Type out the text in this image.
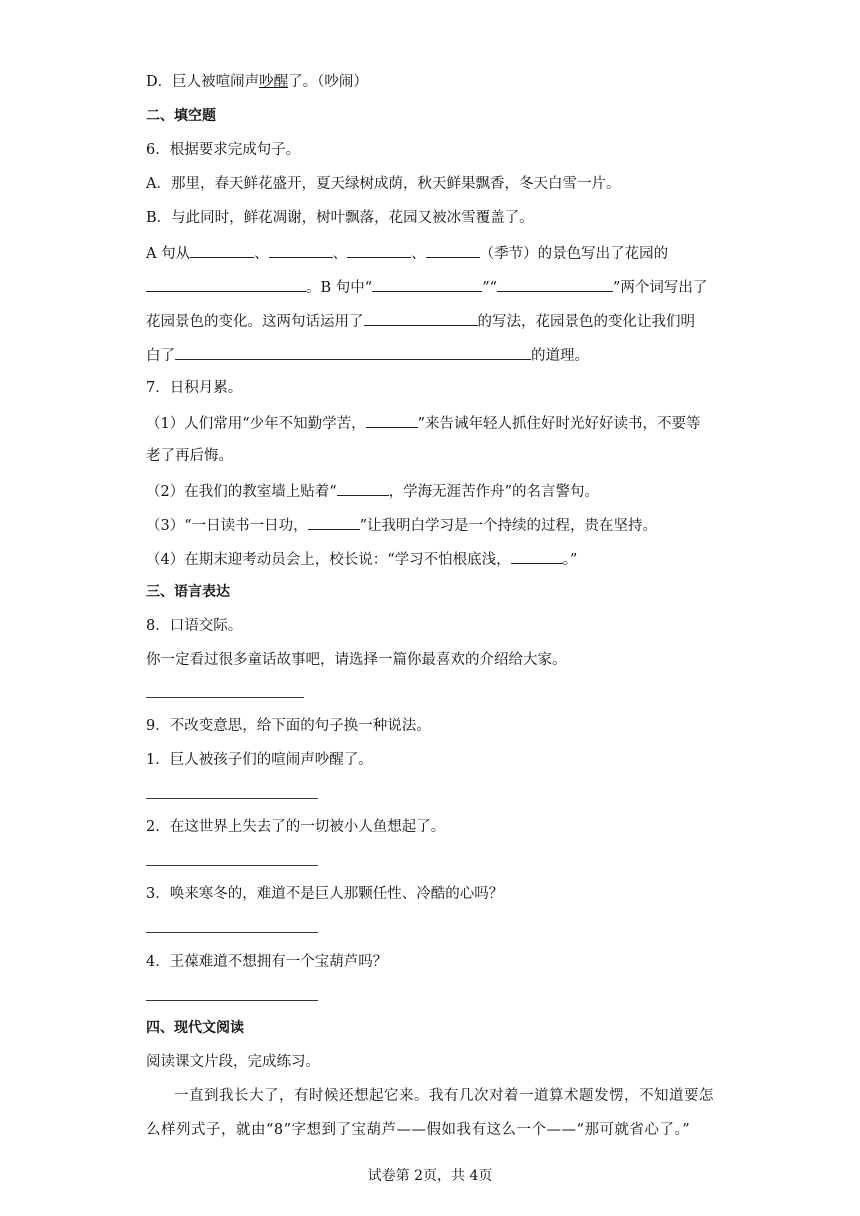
D．巨人被喧闹声吵醒了。（吵闹）
二、填空题
6．根据要求完成句子。
A．那里，春天鲜花盛开，夏天绿树成荫，秋天鲜果飘香，冬天白雪一片。
B．与此同时，鲜花凋谢，树叶飘落，花园又被冰雪覆盖了。
A 句从	、	、	、	（季节）的景色写出了花园的
。B 句中“	”“	”两个词写出了
花园景色的变化。这两句话运用了	的写法，花园景色的变化让我们明
白了	的道理。
7．日积月累。
（1）人们常用“少年不知勤学苦，	”来告诫年轻人抓住好时光好好读书，不要等
老了再后悔。
（2）在我们的教室墙上贴着“	，学海无涯苦作舟”的名言警句。
（3）“一日读书一日功，	”让我明白学习是一个持续的过程，贵在坚持。
（4）在期末迎考动员会上，校长说：“学习不怕根底浅，	。”
三、语言表达
8．口语交际。
你一定看过很多童话故事吧，请选择一篇你最喜欢的介绍给大家。
9．不改变意思，给下面的句子换一种说法。
1．巨人被孩子们的喧闹声吵醒了。
2．在这世界上失去了的一切被小人鱼想起了。
3．唤来寒冬的，难道不是巨人那颗任性、冷酷的心吗？
4．王葆难道不想拥有一个宝葫芦吗？
四、现代文阅读
阅读课文片段，完成练习。
一直到我长大了，有时候还想起它来。我有几次对着一道算术题发愣，不知道要怎
么样列式子，就由“8”字想到了宝葫芦——假如我有这么一个——“那可就省心了。”
试卷第 2页，共 4页
